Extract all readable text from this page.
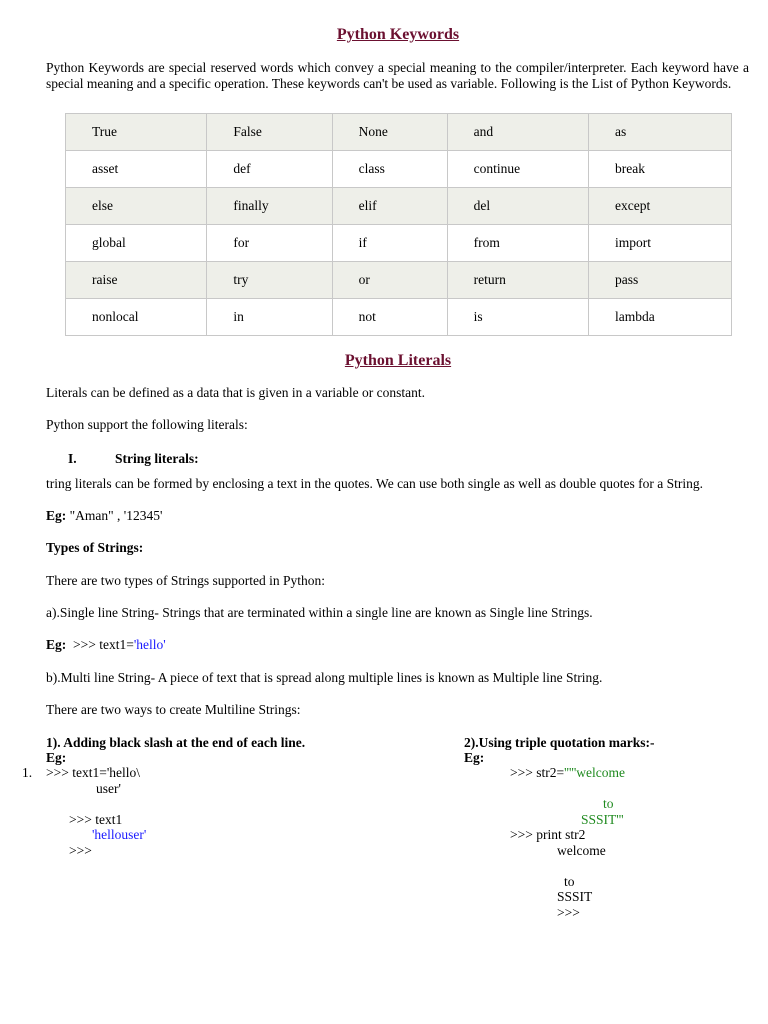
Python Keywords
Python Keywords are special reserved words which convey a special meaning to the compiler/interpreter. Each keyword have a special meaning and a specific operation. These keywords can't be used as variable. Following is the List of Python Keywords.
True	False	None	and	as
asset	def	class	continue	break
else	finally	elif	del	except
global	for	if	from	import
raise	try	or	return	pass
nonlocal	in	not	is	lambda
Python Literals
Literals can be defined as a data that is given in a variable or constant.
Python support the following literals:
I.	String literals:
tring literals can be formed by enclosing a text in the quotes. We can use both single as well as double quotes for a String.
Eg: "Aman" , '12345'
Types of Strings:
There are two types of Strings supported in Python:
a).Single line String- Strings that are terminated within a single line are known as Single line Strings.
Eg: >>> text1='hello'
b).Multi line String- A piece of text that is spread along multiple lines is known as Multiple line String.
There are two ways to create Multiline Strings:
1). Adding black slash at the end of each line.
Eg:
1. >>> text1='hello\
user'
>>> text1
'hellouser'
>>>
2).Using triple quotation marks:-
Eg:
>>> str2='''''welcome
to
SSSIT'''
>>> print str2
welcome
to
SSSIT
>>>
